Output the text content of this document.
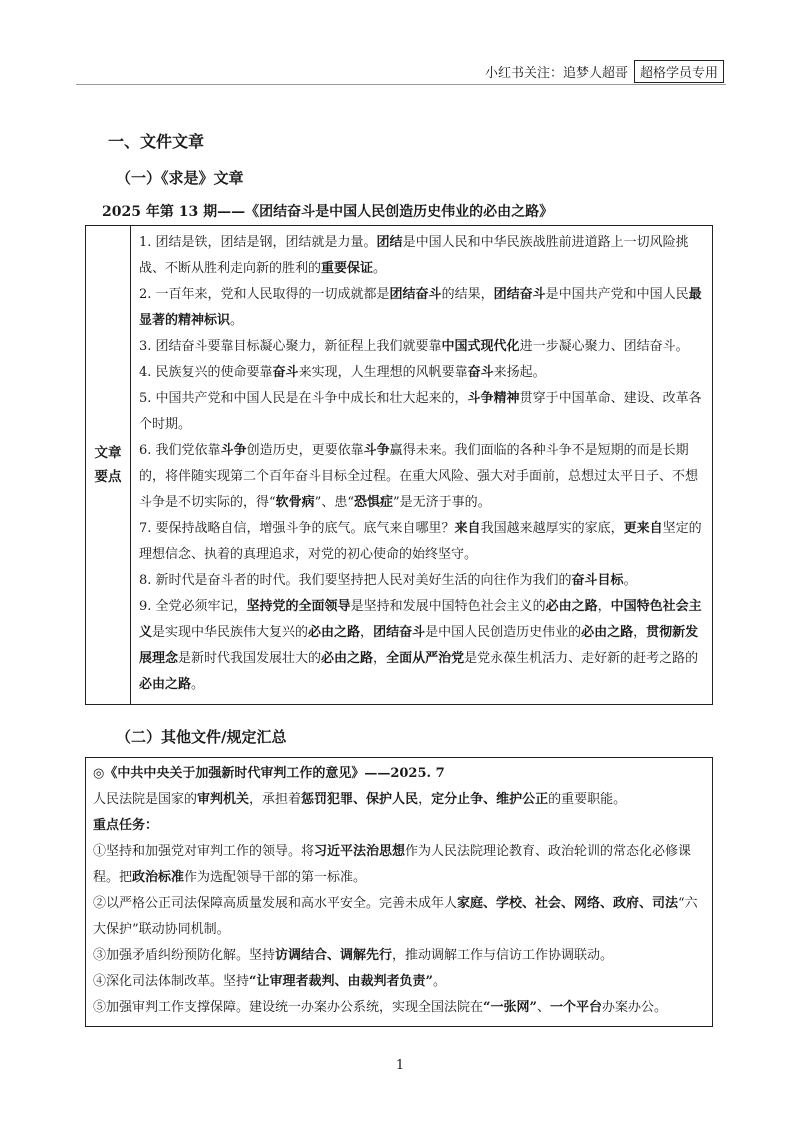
小红书关注：追梦人超哥 超格学员专用
一、文件文章
（一）《求是》文章
2025 年第 13 期——《团结奋斗是中国人民创造历史伟业的必由之路》
文章
要点

1. 团结是铁，团结是钢，团结就是力量。团结是中国人民和中华民族战胜前进道路上一切风险挑战、不断从胜利走向新的胜利的重要保证。

2. 一百年来，党和人民取得的一切成就都是团结奋斗的结果，团结奋斗是中国共产党和中国人民最显著的精神标识。

3. 团结奋斗要靠目标凝心聚力，新征程上我们就要靠中国式现代化进一步凝心聚力、团结奋斗。

4. 民族复兴的使命要靠奋斗来实现，人生理想的风帆要靠奋斗来扬起。

5. 中国共产党和中国人民是在斗争中成长和壮大起来的，斗争精神贯穿于中国革命、建设、改革各个时期。

6. 我们党依靠斗争创造历史，更要依靠斗争赢得未来。我们面临的各种斗争不是短期的而是长期的，将伴随实现第二个百年奋斗目标全过程。在重大风险、强大对手面前，总想过太平日子、不想斗争是不切实际的，得“软骨病”、患“恐惧症”是无济于事的。

7. 要保持战略自信，增强斗争的底气。底气来自哪里？来自我国越来越厚实的家底，更来自坚定的理想信念、执着的真理追求，对党的初心使命的始终坚守。

8. 新时代是奋斗者的时代。我们要坚持把人民对美好生活的向往作为我们的奋斗目标。

9. 全党必须牢记，坚持党的全面领导是坚持和发展中国特色社会主义的必由之路，中国特色社会主义是实现中华民族伟大复兴的必由之路，团结奋斗是中国人民创造历史伟业的必由之路，贯彻新发展理念是新时代我国发展壮大的必由之路，全面从严治党是党永葆生机活力、走好新的赶考之路的必由之路。

（二）其他文件/规定汇总

◎《中共中央关于加强新时代审判工作的意见》——2025. 7

人民法院是国家的审判机关，承担着惩罚犯罪、保护人民，定分止争、维护公正的重要职能。

重点任务：

①坚持和加强党对审判工作的领导。将习近平法治思想作为人民法院理论教育、政治轮训的常态化必修课程。把政治标准作为选配领导干部的第一标准。

②以严格公正司法保障高质量发展和高水平安全。完善未成年人家庭、学校、社会、网络、政府、司法“六大保护”联动协同机制。

③加强矛盾纠纷预防化解。坚持访调结合、调解先行，推动调解工作与信访工作协调联动。

④深化司法体制改革。坚持“让审理者裁判、由裁判者负责”。

⑤加强审判工作支撑保障。建设统一办案办公系统，实现全国法院在“一张网”、一个平台办案办公。

1
